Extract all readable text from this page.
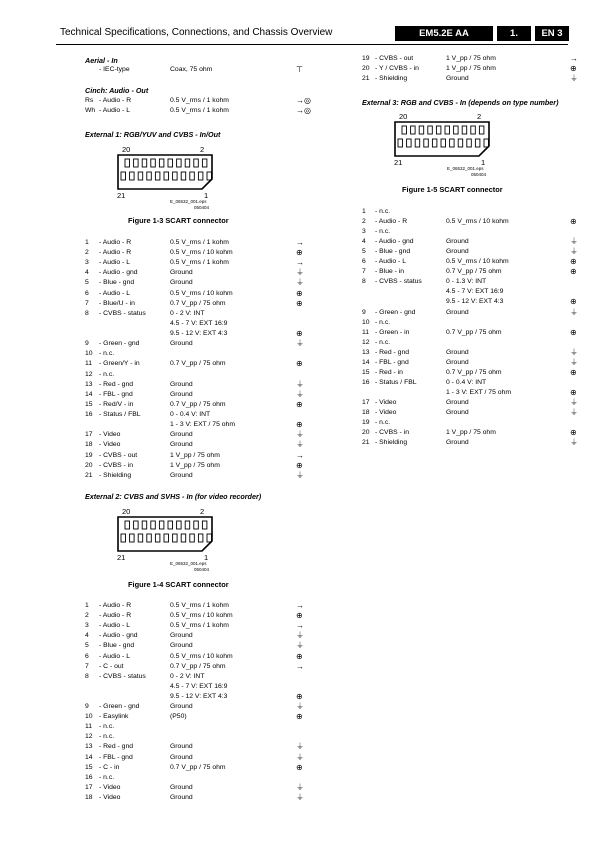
Technical Specifications, Connections, and Chassis Overview	EM5.2E AA	1.	EN 3
Aerial - In
- IEC-type	Coax, 75 ohm	⊤
Cinch: Audio - Out
Rs - Audio - R	0.5 V_rms / 1 kohm	→◎
Wh - Audio - L	0.5 V_rms / 1 kohm	→◎
External 1: RGB/YUV and CVBS - In/Out
20	2
21	1
E_06532_001.eps
050404
Figure 1-3 SCART connector
1 - Audio - R	0.5 V_rms / 1 kohm	→
2 - Audio - R	0.5 V_rms / 10 kohm	⊕
3 - Audio - L	0.5 V_rms / 1 kohm	→
4 - Audio - gnd	Ground	⏚
5 - Blue - gnd	Ground	⏚
6 - Audio - L	0.5 V_rms / 10 kohm	⊕
7 - Blue/U - in	0.7 V_pp / 75 ohm	⊕
8 - CVBS - status	0 - 2 V: INT
4.5 - 7 V: EXT 16:9
9.5 - 12 V: EXT 4:3	⊕
9 - Green - gnd	Ground	⏚
10 - n.c.
11 - Green/Y - in	0.7 V_pp / 75 ohm	⊕
12 - n.c.
13 - Red - gnd	Ground	⏚
14 - FBL - gnd	Ground	⏚
15 - Red/V - in	0.7 V_pp / 75 ohm	⊕
16 - Status / FBL	0 - 0.4 V: INT
1 - 3 V: EXT / 75 ohm	⊕
17 - Video	Ground	⏚
18 - Video	Ground	⏚
19 - CVBS - out	1 V_pp / 75 ohm	→
20 - CVBS - in	1 V_pp / 75 ohm	⊕
21 - Shielding	Ground	⏚
External 2: CVBS and SVHS - In (for video recorder)
20	2
21	1
E_06532_001.eps
050404
Figure 1-4 SCART connector
1 - Audio - R	0.5 V_rms / 1 kohm	→
2 - Audio - R	0.5 V_rms / 10 kohm	⊕
3 - Audio - L	0.5 V_rms / 1 kohm	→
4 - Audio - gnd	Ground	⏚
5 - Blue - gnd	Ground	⏚
6 - Audio - L	0.5 V_rms / 10 kohm	⊕
7 - C - out	0.7 V_pp / 75 ohm	→
8 - CVBS - status	0 - 2 V: INT
4.5 - 7 V: EXT 16:9
9.5 - 12 V: EXT 4:3	⊕
9 - Green - gnd	Ground	⏚
10 - Easylink	(P50)	⊕
11 - n.c.
12 - n.c.
13 - Red - gnd	Ground	⏚
14 - FBL - gnd	Ground	⏚
15 - C - in	0.7 V_pp / 75 ohm	⊕
16 - n.c.
17 - Video	Ground	⏚
18 - Video	Ground	⏚
19 - CVBS - out	1 V_pp / 75 ohm	→
20 - Y / CVBS - in	1 V_pp / 75 ohm	⊕
21 - Shielding	Ground	⏚
External 3: RGB and CVBS - In (depends on type number)
20	2
21	1
E_06532_001.eps
050404
Figure 1-5 SCART connector
1 - n.c.
2 - Audio - R	0.5 V_rms / 10 kohm	⊕
3 - n.c.
4 - Audio - gnd	Ground	⏚
5 - Blue - gnd	Ground	⏚
6 - Audio - L	0.5 V_rms / 10 kohm	⊕
7 - Blue - in	0.7 V_pp / 75 ohm	⊕
8 - CVBS - status	0 - 1.3 V: INT
4.5 - 7 V: EXT 16:9
9.5 - 12 V: EXT 4:3	⊕
9 - Green - gnd	Ground	⏚
10 - n.c.
11 - Green - in	0.7 V_pp / 75 ohm	⊕
12 - n.c.
13 - Red - gnd	Ground	⏚
14 - FBL - gnd	Ground	⏚
15 - Red - in	0.7 V_pp / 75 ohm	⊕
16 - Status / FBL	0 - 0.4 V: INT
1 - 3 V: EXT / 75 ohm	⊕
17 - Video	Ground	⏚
18 - Video	Ground	⏚
19 - n.c.
20 - CVBS - in	1 V_pp / 75 ohm	⊕
21 - Shielding	Ground	⏚
